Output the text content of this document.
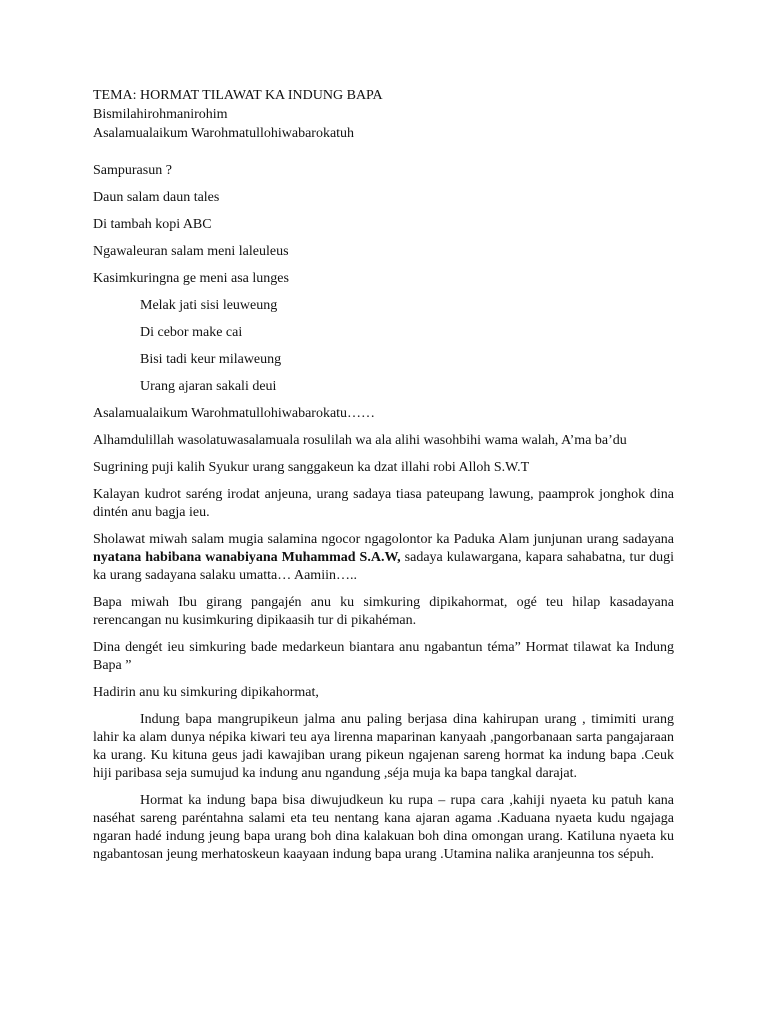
TEMA: HORMAT TILAWAT KA INDUNG BAPA

Bismilahirohmanirohim

Asalamualaikum Warohmatullohiwabarokatuh

Sampurasun ?

Daun salam daun tales

Di tambah kopi ABC

Ngawaleuran salam meni laleuleus

Kasimkuringna ge meni asa lunges

Melak jati sisi leuweung

Di cebor make cai

Bisi tadi keur milaweung

Urang ajaran sakali deui

Asalamualaikum Warohmatullohiwabarokatu……

Alhamdulillah wasolatuwasalamuala rosulilah wa ala alihi wasohbihi wama walah, A’ma ba’du

Sugrining puji kalih Syukur urang sanggakeun ka dzat illahi robi Alloh S.W.T

Kalayan kudrot saréng irodat anjeuna, urang sadaya tiasa pateupang lawung, paamprok jonghok dina dintén anu bagja ieu.

Sholawat miwah salam mugia salamina ngocor ngagolontor ka Paduka Alam junjunan urang sadayana nyatana habibana wanabiyana Muhammad S.A.W, sadaya kulawargana, kapara sahabatna, tur dugi ka urang sadayana salaku umatta… Aamiin…..

Bapa miwah Ibu girang pangajén anu ku simkuring dipikahormat, ogé teu hilap kasadayana rerencangan nu kusimkuring dipikaasih tur di pikahéman.

Dina dengét ieu simkuring bade medarkeun biantara anu ngabantun téma” Hormat tilawat ka Indung Bapa ”

Hadirin anu ku simkuring dipikahormat,

Indung bapa mangrupikeun jalma anu paling berjasa dina kahirupan urang , timimiti urang lahir ka alam dunya népika kiwari teu aya lirenna maparinan kanyaah ,pangorbanaan sarta pangajaraan ka urang. Ku kituna geus jadi kawajiban urang pikeun ngajenan sareng hormat ka indung bapa .Ceuk hiji paribasa seja sumujud ka indung anu ngandung ,séja muja ka bapa tangkal darajat.

Hormat ka indung bapa bisa diwujudkeun ku rupa – rupa cara ,kahiji nyaeta ku patuh kana naséhat sareng paréntahna salami eta teu nentang kana ajaran agama .Kaduana nyaeta kudu ngajaga ngaran hadé indung jeung bapa urang boh dina kalakuan boh dina omongan urang. Katiluna nyaeta ku ngabantosan jeung merhatoskeun kaayaan indung bapa urang .Utamina nalika aranjeunna tos sépuh.
